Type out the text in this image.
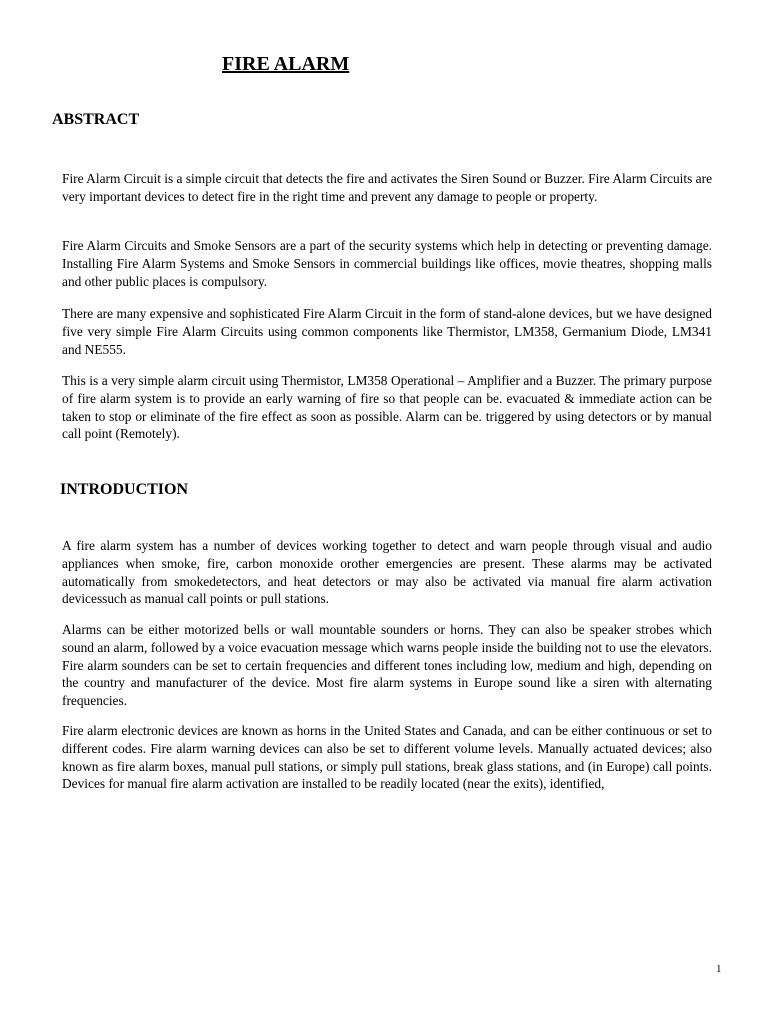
FIRE ALARM
ABSTRACT

Fire Alarm Circuit is a simple circuit that detects the fire and activates the Siren Sound or Buzzer. Fire Alarm Circuits are very important devices to detect fire in the right time and prevent any damage to people or property.

Fire Alarm Circuits and Smoke Sensors are a part of the security systems which help in detecting or preventing damage. Installing Fire Alarm Systems and Smoke Sensors in commercial buildings like offices, movie theatres, shopping malls and other public places is compulsory.

There are many expensive and sophisticated Fire Alarm Circuit in the form of stand-alone devices, but we have designed five very simple Fire Alarm Circuits using common components like Thermistor, LM358, Germanium Diode, LM341 and NE555.

This is a very simple alarm circuit using Thermistor, LM358 Operational – Amplifier and a Buzzer. The primary purpose of fire alarm system is to provide an early warning of fire so that people can be. evacuated & immediate action can be taken to stop or eliminate of the fire effect as soon as possible. Alarm can be. triggered by using detectors or by manual call point (Remotely).

INTRODUCTION

A fire alarm system has a number of devices working together to detect and warn people through visual and audio appliances when smoke, fire, carbon monoxide orother emergencies are present. These alarms may be activated automatically from smokedetectors, and heat detectors or may also be activated via manual fire alarm activation devicessuch as manual call points or pull stations.

Alarms can be either motorized bells or wall mountable sounders or horns. They can also be speaker strobes which sound an alarm, followed by a voice evacuation message which warns people inside the building not to use the elevators. Fire alarm sounders can be set to certain frequencies and different tones including low, medium and high, depending on the country and manufacturer of the device. Most fire alarm systems in Europe sound like a siren with alternating frequencies.

Fire alarm electronic devices are known as horns in the United States and Canada, and can be either continuous or set to different codes. Fire alarm warning devices can also be set to different volume levels. Manually actuated devices; also known as fire alarm boxes, manual pull stations, or simply pull stations, break glass stations, and (in Europe) call points. Devices for manual fire alarm activation are installed to be readily located (near the exits), identified,

1
